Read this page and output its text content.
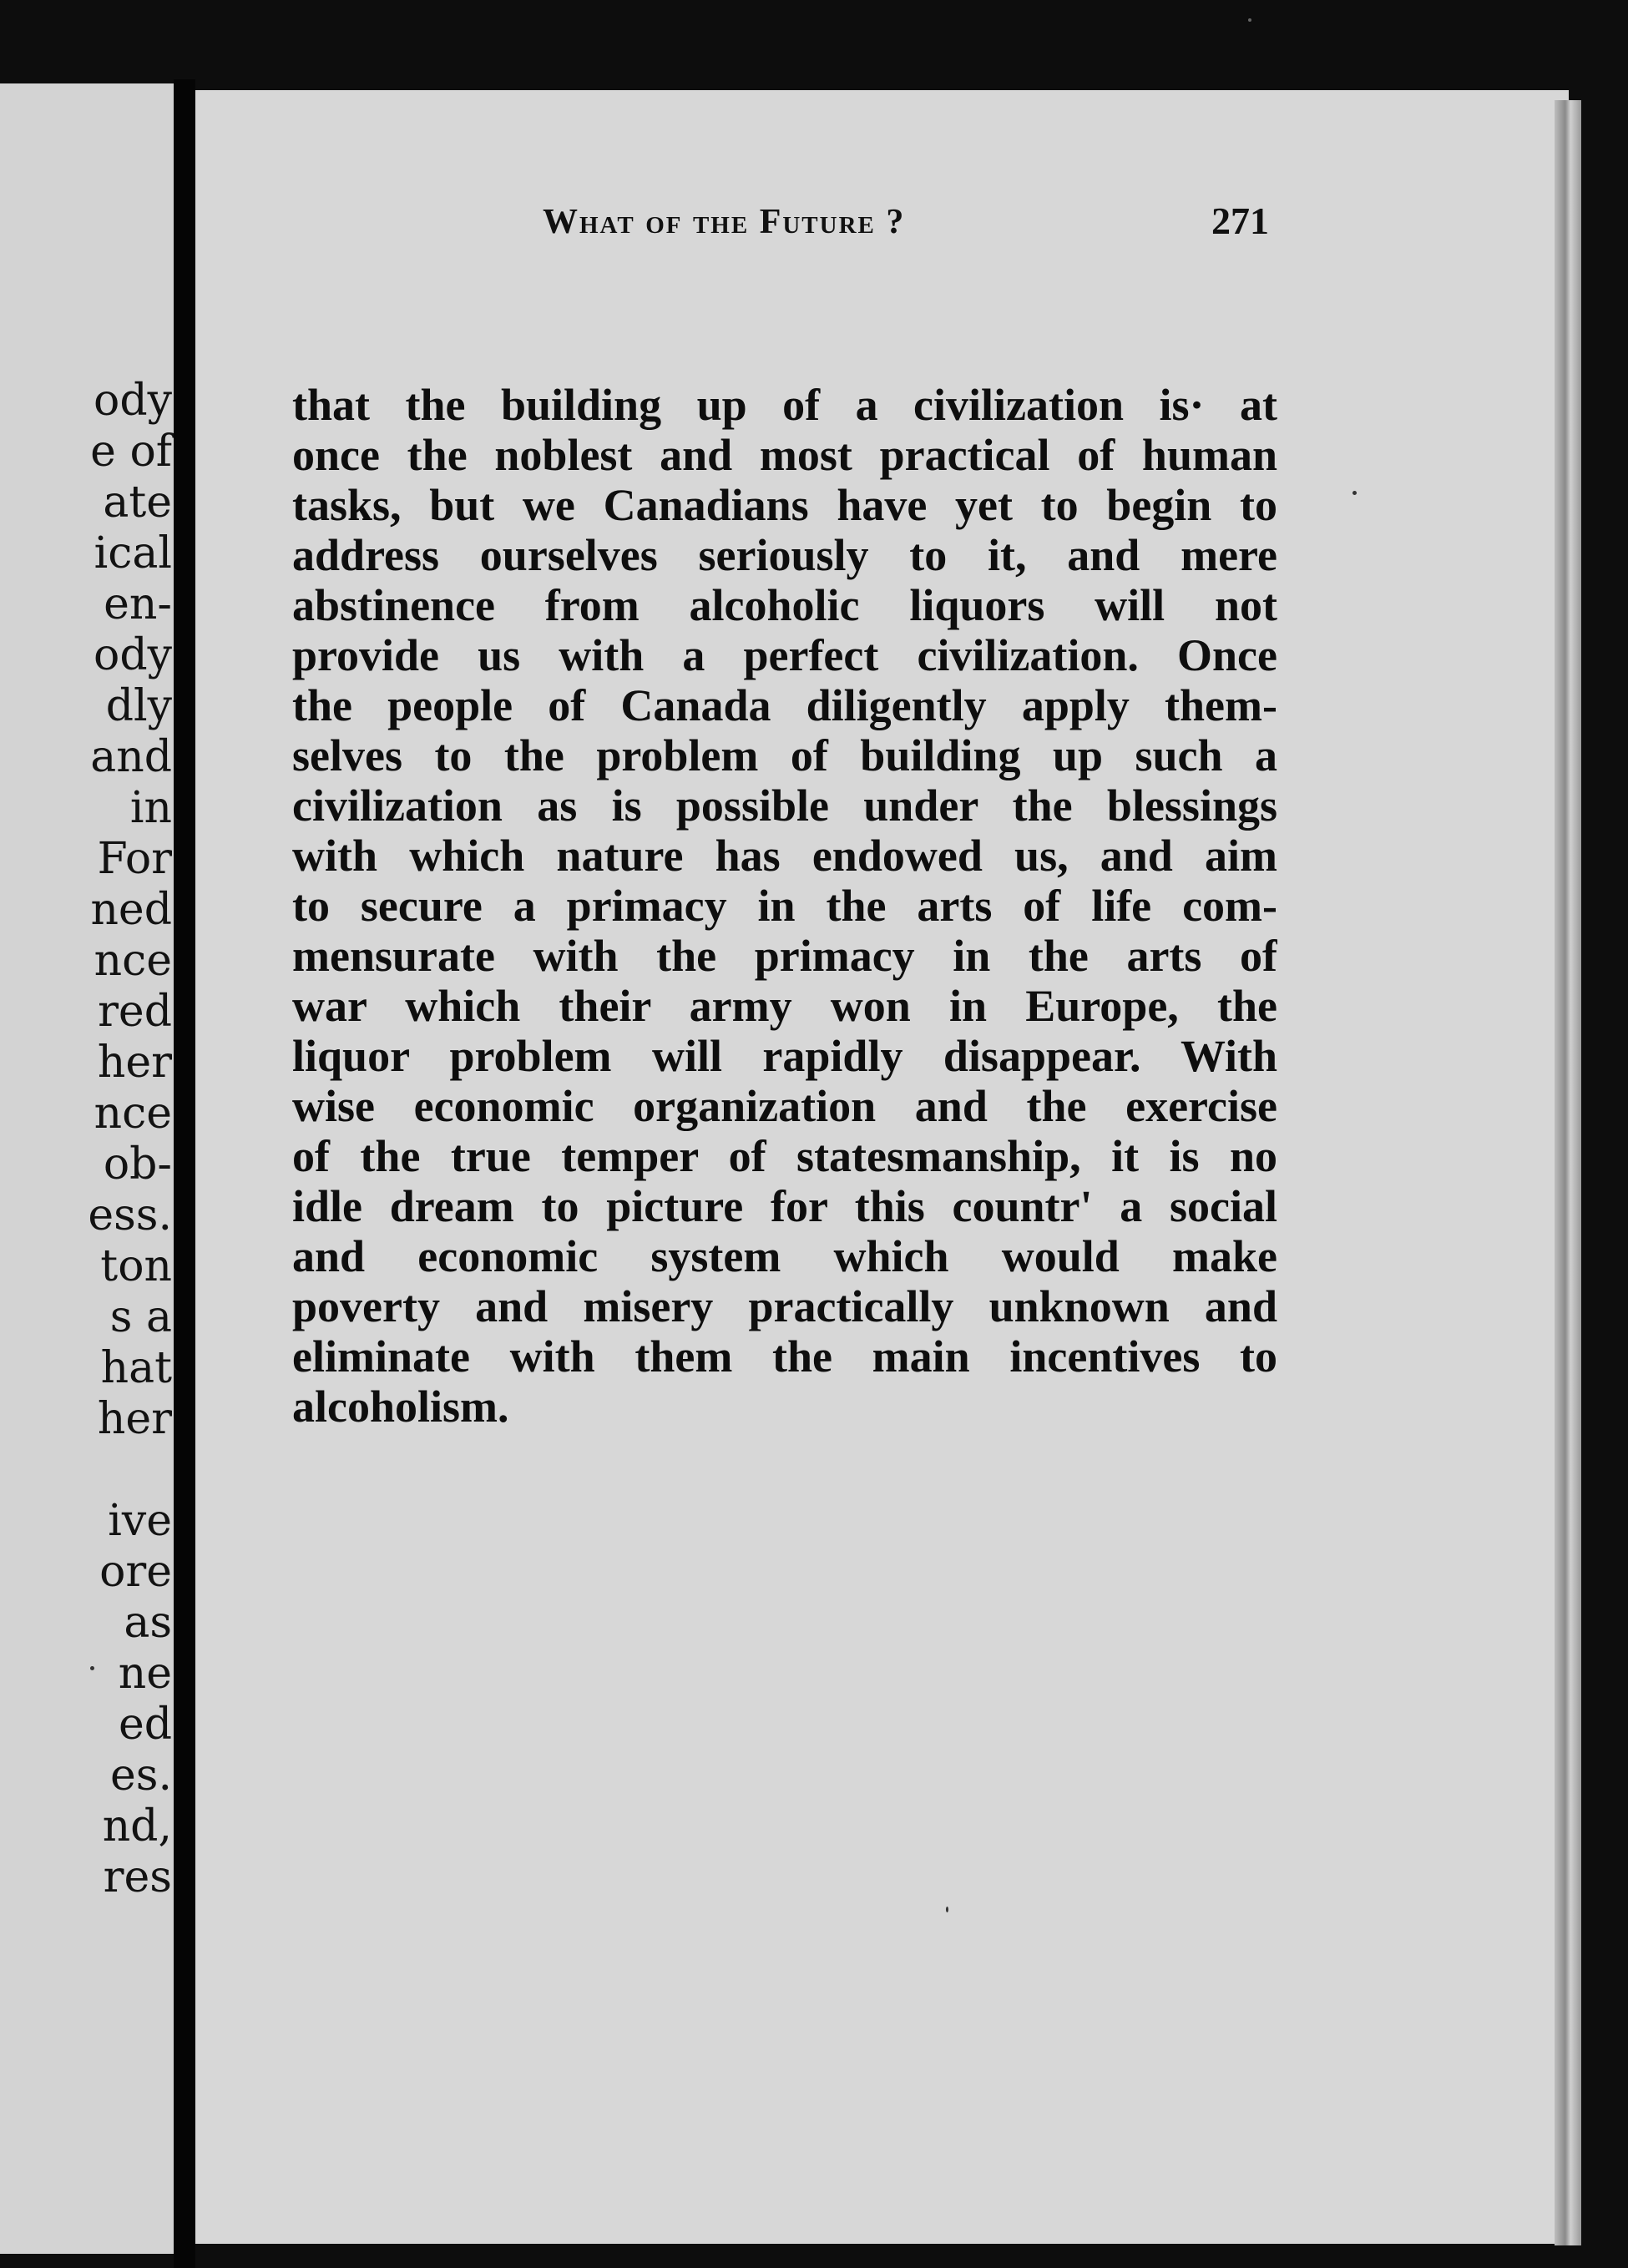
ody
e of
ate
ical
en-
ody
dly
and
in
For
ned
nce
red
her
nce
ob-
ess.
ton
s a
hat
her
ive
ore
as
ne
ed
es.
nd,
res
What of the Future ?	271
that the building up of a civilization is· at
once the noblest and most practical of human
tasks, but we Canadians have yet to begin to
address ourselves seriously to it, and mere
abstinence from alcoholic liquors will not
provide us with a perfect civilization. Once
the people of Canada diligently apply them-
selves to the problem of building up such a
civilization as is possible under the blessings
with which nature has endowed us, and aim
to secure a primacy in the arts of life com-
mensurate with the primacy in the arts of
war which their army won in Europe, the
liquor problem will rapidly disappear. With
wise economic organization and the exercise
of the true temper of statesmanship, it is no
idle dream to picture for this countr' a social
and economic system which would make
poverty and misery practically unknown and
eliminate with them the main incentives to
alcoholism.
